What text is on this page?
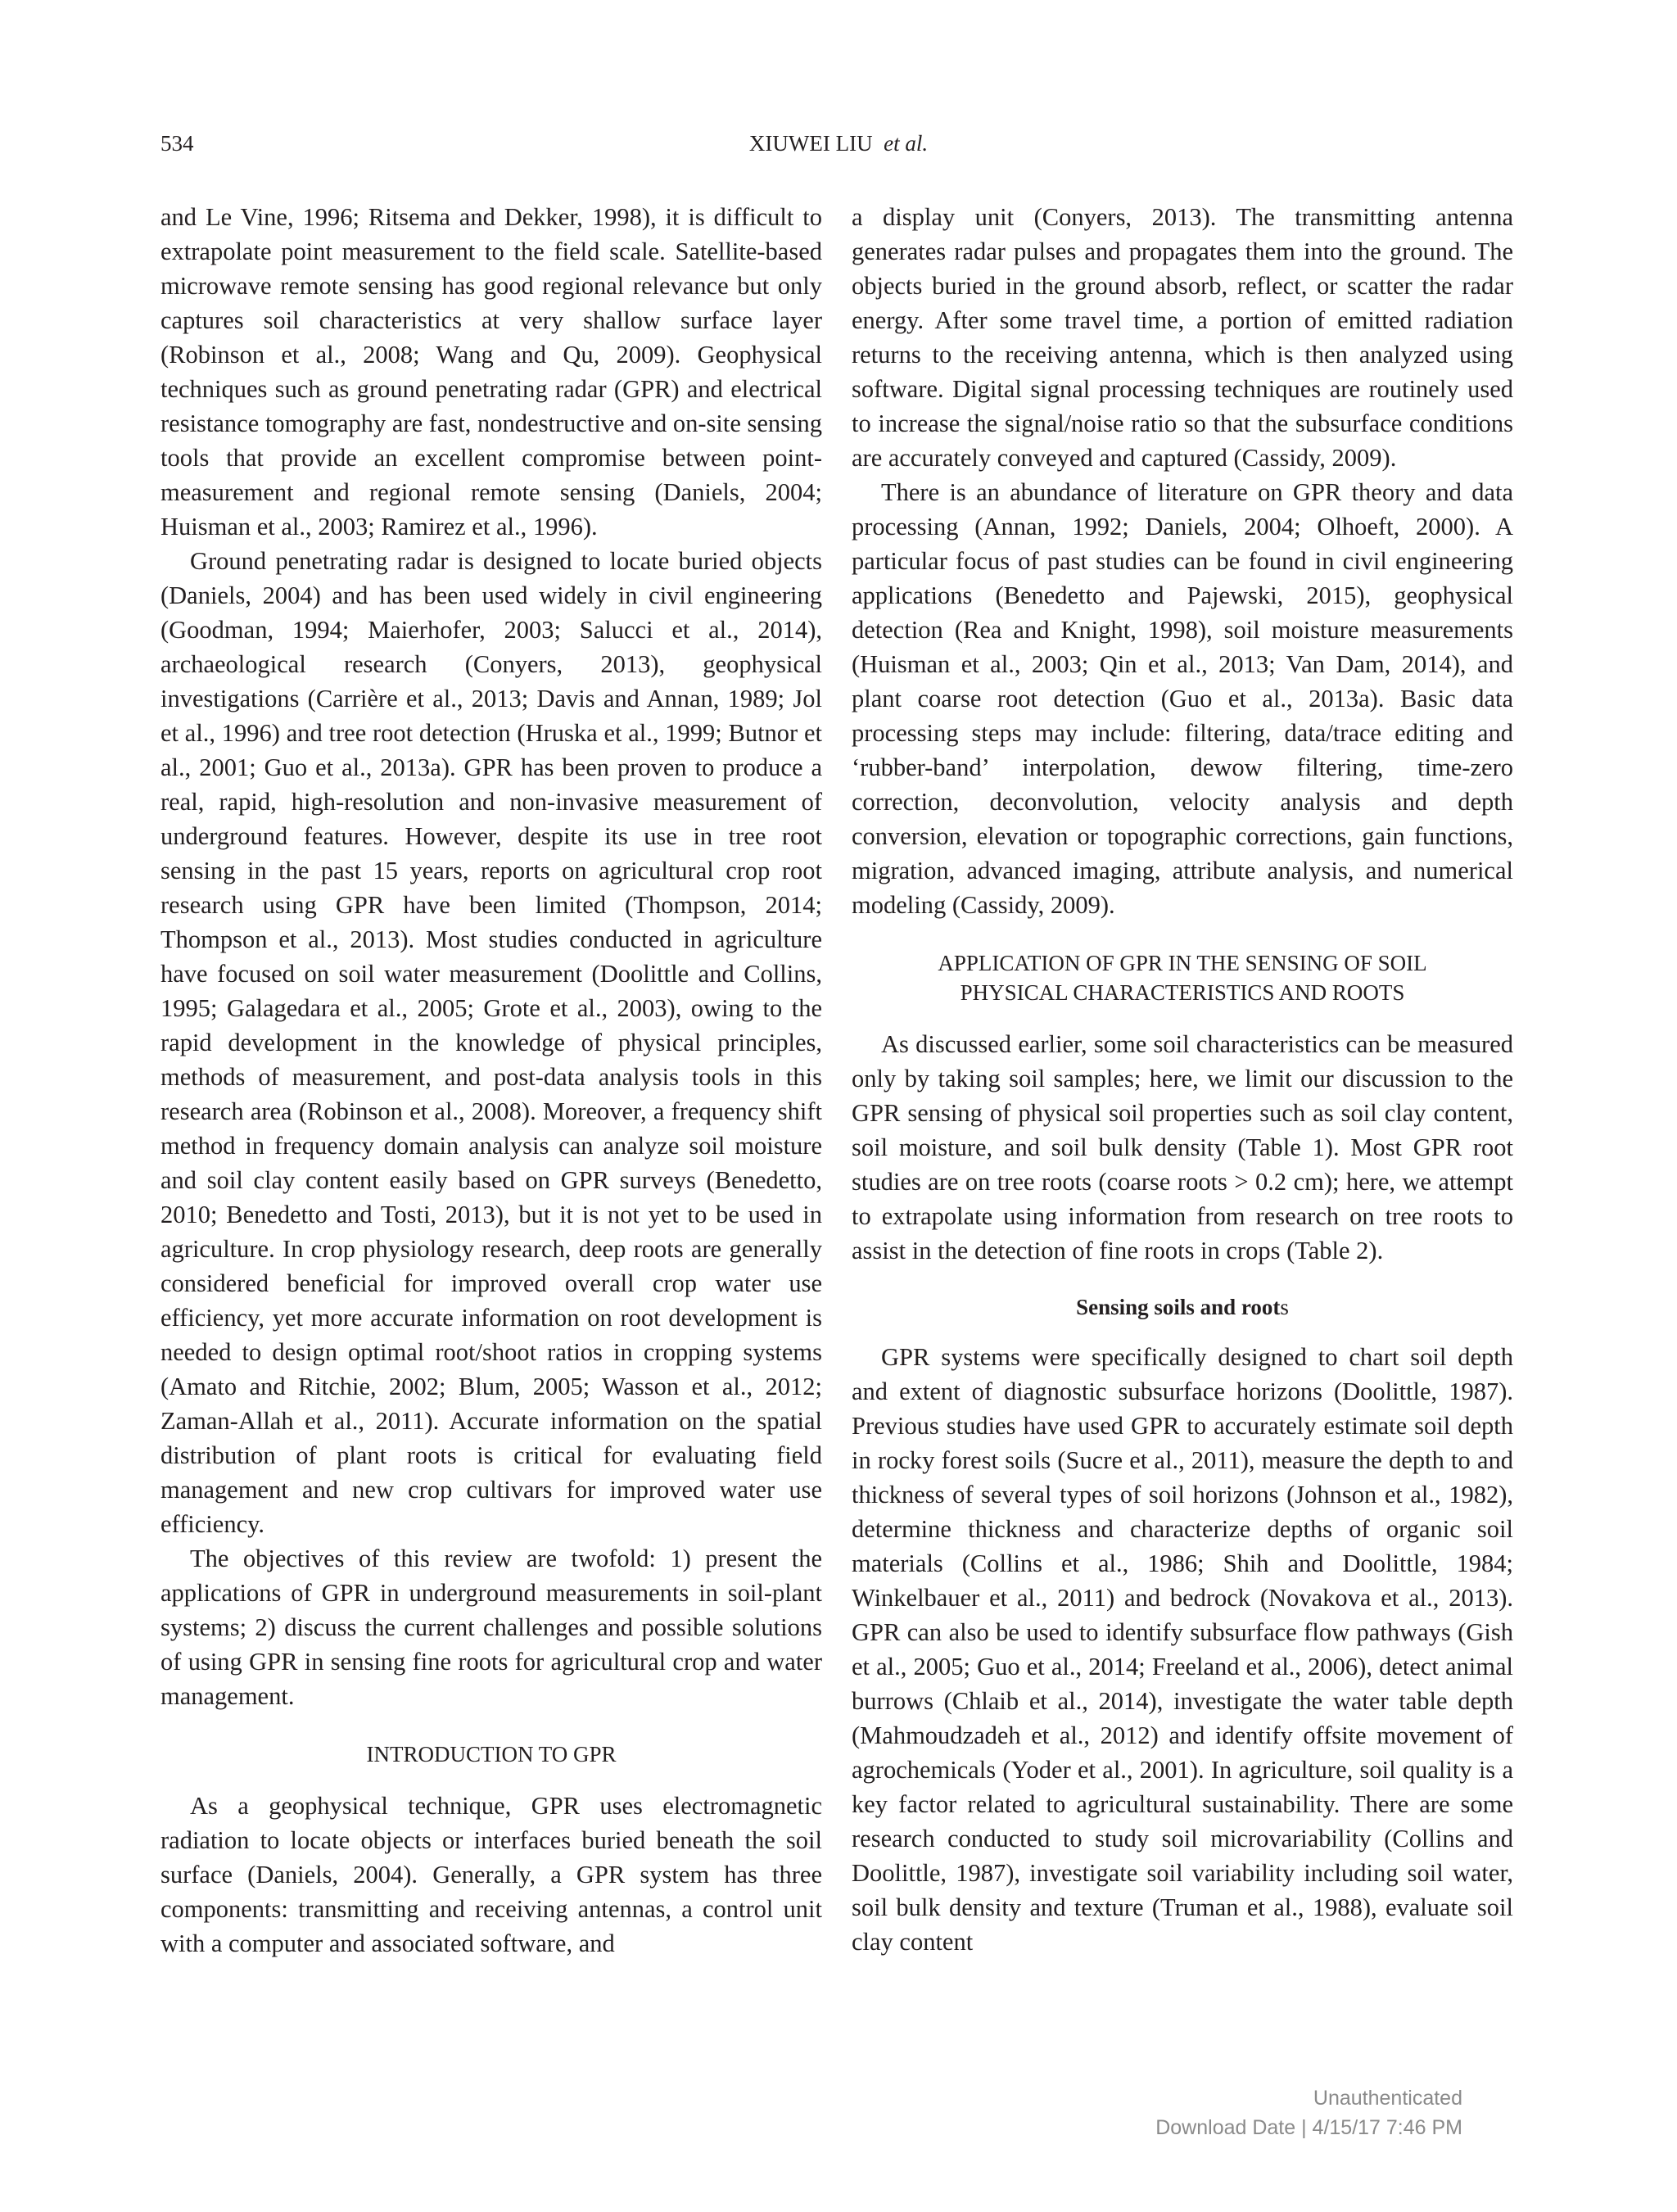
534	XIUWEI LIU et al.

and Le Vine, 1996; Ritsema and Dekker, 1998), it is difficult to extrapolate point measurement to the field scale. Satellite-based microwave remote sensing has good regional relevance but only captures soil characteristics at very shallow surface layer (Robinson et al., 2008; Wang and Qu, 2009). Geophysical techniques such as ground penetrating radar (GPR) and electrical resistance tomography are fast, nondestructive and on-site sensing tools that provide an excellent compromise between point-measurement and regional remote sensing (Daniels, 2004; Huisman et al., 2003; Ramirez et al., 1996).

Ground penetrating radar is designed to locate buried objects (Daniels, 2004) and has been used widely in civil engineering (Goodman, 1994; Maierhofer, 2003; Salucci et al., 2014), archaeological research (Conyers, 2013), geophysical investigations (Carrière et al., 2013; Davis and Annan, 1989; Jol et al., 1996) and tree root detection (Hruska et al., 1999; Butnor et al., 2001; Guo et al., 2013a). GPR has been proven to produce a real, rapid, high-resolution and non-invasive measurement of underground features. However, despite its use in tree root sensing in the past 15 years, reports on agricultural crop root research using GPR have been limited (Thompson, 2014; Thompson et al., 2013). Most studies conducted in agriculture have focused on soil water measurement (Doolittle and Collins, 1995; Galagedara et al., 2005; Grote et al., 2003), owing to the rapid development in the knowledge of physical principles, methods of measurement, and post-data analysis tools in this research area (Robinson et al., 2008). Moreover, a frequency shift method in frequency domain analysis can analyze soil moisture and soil clay content easily based on GPR surveys (Benedetto, 2010; Benedetto and Tosti, 2013), but it is not yet to be used in agriculture. In crop physiology research, deep roots are generally considered beneficial for improved overall crop water use efficiency, yet more accurate information on root development is needed to design optimal root/shoot ratios in cropping systems (Amato and Ritchie, 2002; Blum, 2005; Wasson et al., 2012; Zaman-Allah et al., 2011). Accurate information on the spatial distribution of plant roots is critical for evaluating field management and new crop cultivars for improved water use efficiency.

The objectives of this review are twofold: 1) present the applications of GPR in underground measurements in soil-plant systems; 2) discuss the current challenges and possible solutions of using GPR in sensing fine roots for agricultural crop and water management.

INTRODUCTION TO GPR

As a geophysical technique, GPR uses electromagnetic radiation to locate objects or interfaces buried beneath the soil surface (Daniels, 2004). Generally, a GPR system has three components: transmitting and receiving antennas, a control unit with a computer and associated software, and

a display unit (Conyers, 2013). The transmitting antenna generates radar pulses and propagates them into the ground. The objects buried in the ground absorb, reflect, or scatter the radar energy. After some travel time, a portion of emitted radiation returns to the receiving antenna, which is then analyzed using software. Digital signal processing techniques are routinely used to increase the signal/noise ratio so that the subsurface conditions are accurately conveyed and captured (Cassidy, 2009).

There is an abundance of literature on GPR theory and data processing (Annan, 1992; Daniels, 2004; Olhoeft, 2000). A particular focus of past studies can be found in civil engineering applications (Benedetto and Pajewski, 2015), geophysical detection (Rea and Knight, 1998), soil moisture measurements (Huisman et al., 2003; Qin et al., 2013; Van Dam, 2014), and plant coarse root detection (Guo et al., 2013a). Basic data processing steps may include: filtering, data/trace editing and ‘rubber-band’ interpolation, dewow filtering, time-zero correction, deconvolution, velocity analysis and depth conversion, elevation or topographic corrections, gain functions, migration, advanced imaging, attribute analysis, and numerical modeling (Cassidy, 2009).

APPLICATION OF GPR IN THE SENSING OF SOIL
PHYSICAL CHARACTERISTICS AND ROOTS

As discussed earlier, some soil characteristics can be measured only by taking soil samples; here, we limit our discussion to the GPR sensing of physical soil properties such as soil clay content, soil moisture, and soil bulk density (Table 1). Most GPR root studies are on tree roots (coarse roots > 0.2 cm); here, we attempt to extrapolate using information from research on tree roots to assist in the detection of fine roots in crops (Table 2).

Sensing soils and roots

GPR systems were specifically designed to chart soil depth and extent of diagnostic subsurface horizons (Doolittle, 1987). Previous studies have used GPR to accurately estimate soil depth in rocky forest soils (Sucre et al., 2011), measure the depth to and thickness of several types of soil horizons (Johnson et al., 1982), determine thickness and characterize depths of organic soil materials (Collins et al., 1986; Shih and Doolittle, 1984; Winkelbauer et al., 2011) and bedrock (Novakova et al., 2013). GPR can also be used to identify subsurface flow pathways (Gish et al., 2005; Guo et al., 2014; Freeland et al., 2006), detect animal burrows (Chlaib et al., 2014), investigate the water table depth (Mahmoudzadeh et al., 2012) and identify offsite movement of agrochemicals (Yoder et al., 2001). In agriculture, soil quality is a key factor related to agricultural sustainability. There are some research conducted to study soil microvariability (Collins and Doolittle, 1987), investigate soil variability including soil water, soil bulk density and texture (Truman et al., 1988), evaluate soil clay content

Unauthenticated
Download Date | 4/15/17 7:46 PM
